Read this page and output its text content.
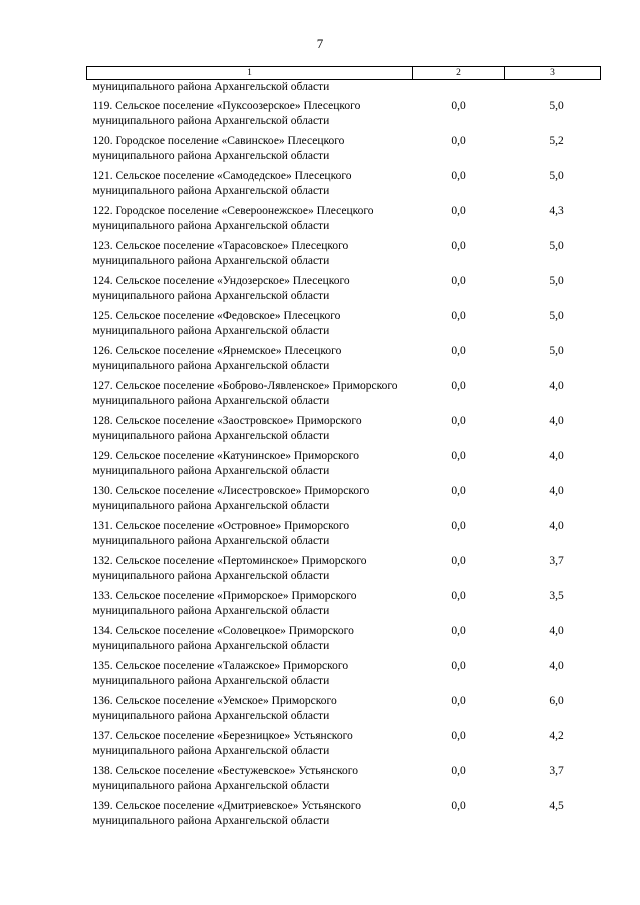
7
1	2	3
муниципального района Архангельской области		
119. Сельское поселение «Пуксоозерское» Плесецкого муниципального района Архангельской области	0,0	5,0
120. Городское поселение «Савинское» Плесецкого муниципального района Архангельской области	0,0	5,2
121. Сельское поселение «Самодедское» Плесецкого муниципального района Архангельской области	0,0	5,0
122. Городское поселение «Североонежское» Плесецкого муниципального района Архангельской области	0,0	4,3
123. Сельское поселение «Тарасовское» Плесецкого муниципального района Архангельской области	0,0	5,0
124. Сельское поселение «Ундозерское» Плесецкого муниципального района Архангельской области	0,0	5,0
125. Сельское поселение «Федовское» Плесецкого муниципального района Архангельской области	0,0	5,0
126. Сельское поселение «Ярнемское» Плесецкого муниципального района Архангельской области	0,0	5,0
127. Сельское поселение «Боброво-Лявленское» Приморского муниципального района Архангельской области	0,0	4,0
128. Сельское поселение «Заостровское» Приморского муниципального района Архангельской области	0,0	4,0
129. Сельское поселение «Катунинское» Приморского муниципального района Архангельской области	0,0	4,0
130. Сельское поселение «Лисестровское» Приморского муниципального района Архангельской области	0,0	4,0
131. Сельское поселение «Островное» Приморского муниципального района Архангельской области	0,0	4,0
132. Сельское поселение «Пертоминское» Приморского муниципального района Архангельской области	0,0	3,7
133. Сельское поселение «Приморское» Приморского муниципального района Архангельской области	0,0	3,5
134. Сельское поселение «Соловецкое» Приморского муниципального района Архангельской области	0,0	4,0
135. Сельское поселение «Талажское» Приморского муниципального района Архангельской области	0,0	4,0
136. Сельское поселение «Уемское» Приморского муниципального района Архангельской области	0,0	6,0
137. Сельское поселение «Березницкое» Устьянского муниципального района Архангельской области	0,0	4,2
138. Сельское поселение «Бестужевское» Устьянского муниципального района Архангельской области	0,0	3,7
139. Сельское поселение «Дмитриевское» Устьянского муниципального района Архангельской области	0,0	4,5
